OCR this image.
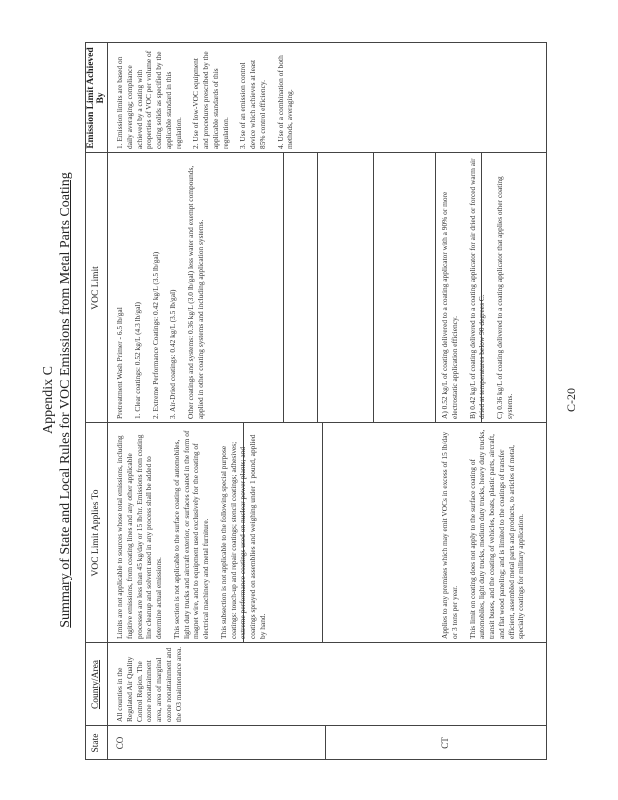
Appendix C Summary of State and Local Rules for VOC Emissions from Metal Parts Coating
State
County/Area
VOC Limit Applies To
VOC Limit
Emission Limit Achieved By
CO
All counties in the Regulated Air Quality Control Region. The ozone nonattainment area, area of marginal ozone nonattainment and the O3 maintenance area.

Limits are not applicable to sources whose total emissions, including fugitive emissions, from coating lines and any other applicable processes are less than 45 kg/day or 15 lb/hr. Emissions from coating line cleanup and solvent used in any process shall be added to determine actual emissions. This section is not applicable to the surface coating of automobiles, light duty trucks and aircraft exterior, or surfaces coated in the form of magnet wire, and to equipment used exclusively for the coating of electrical machinery and metal furniture. This subsection is not applicable to the following special purpose coatings: touch-up and repair coatings; stencil coatings; adhesives; extreme performance coatings used on nuclear power plants; and coatings sprayed on assemblies and weighing under 1 pound, applied by hand.

Pretreatment Wash Primer - 6.5 lb/gal 1. Clear coatings: 0.52 kg/L (4.3 lb/gal) 2. Extreme Performance Coatings: 0.42 kg/L (3.5 lb/gal) 3. Air-Dried coatings: 0.42 kg/L (3.5 lb/gal) Other coatings and systems: 0.36 kg/L (3.0 lb/gal) less water and exempt compounds, applied in other coating systems and including application systems.

1. Emission limits are based on daily averaging; compliance achieved by a coating with properties of VOC per volume of coating solids as specified by the applicable standard in this regulation. 2. Use of low-VOC equipment and procedures prescribed by the applicable standards of this regulation. 3. Use of an emission control device which achieves at least 85% control efficiency. 4. Use of a combination of both methods, averaging.

CT

Applies to any premises which may emit VOCs in excess of 15 lb/day or 3 tons per year. This limit on coating does not apply to the surface coating of automobiles, light duty trucks, medium duty trucks, heavy duty trucks, transit buses, and the coating of vehicles, boats, plastic parts, aircraft, and flat wood paneling; and is limited to the coatings of transfer efficient, assembled metal parts and products, to articles of metal, specialty coatings for military application.

A) 0.52 kg/L of coating delivered to a coating applicator with a 90% or more electrostatic application efficiency. B) 0.42 kg/L of coating delivered to a coating applicator for air dried or forced warm air dried at temperatures below 90 degrees C. C) 0.36 kg/L of coating delivered to a coating applicator that applies other coating systems.	C-20
